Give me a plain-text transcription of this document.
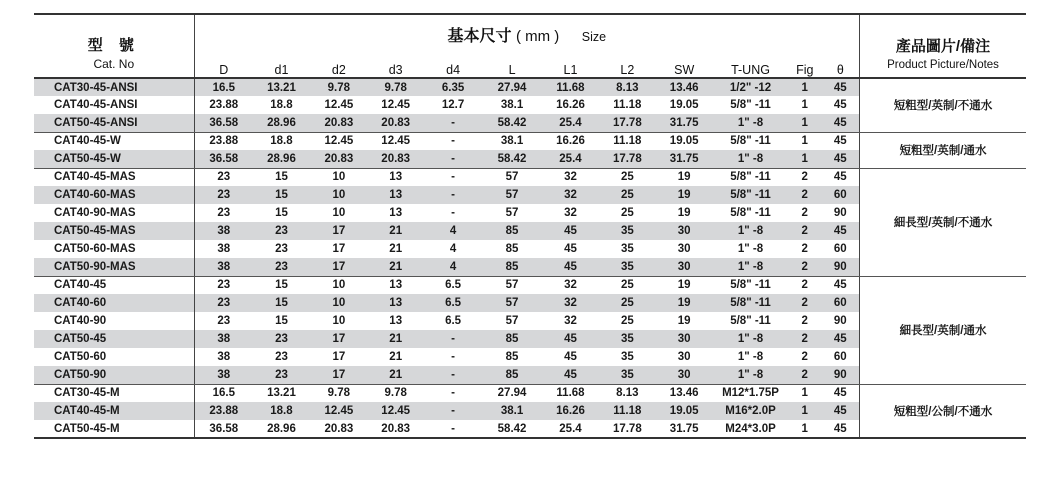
型 號
Cat. No	基本尺寸 ( mm ) Size												產品圖片/備注
Product Picture/Notes

	D	d1	d2	d3	d4	L	L1	L2	SW	T-UNG	Fig	θ	
CAT30-45-ANSI	16.5	13.21	9.78	9.78	6.35	27.94	11.68	8.13	13.46	1/2" -12	1	45	短粗型/英制/不通水
CAT40-45-ANSI	23.88	18.8	12.45	12.45	12.7	38.1	16.26	11.18	19.05	5/8" -11	1	45	
CAT50-45-ANSI	36.58	28.96	20.83	20.83	-	58.42	25.4	17.78	31.75	1" -8	1	45	
CAT40-45-W	23.88	18.8	12.45	12.45	-	38.1	16.26	11.18	19.05	5/8" -11	1	45	短粗型/英制/通水
CAT50-45-W	36.58	28.96	20.83	20.83	-	58.42	25.4	17.78	31.75	1" -8	1	45	
CAT40-45-MAS	23	15	10	13	-	57	32	25	19	5/8" -11	2	45	細長型/英制/不通水
CAT40-60-MAS	23	15	10	13	-	57	32	25	19	5/8" -11	2	60	
CAT40-90-MAS	23	15	10	13	-	57	32	25	19	5/8" -11	2	90	
CAT50-45-MAS	38	23	17	21	4	85	45	35	30	1" -8	2	45	
CAT50-60-MAS	38	23	17	21	4	85	45	35	30	1" -8	2	60	
CAT50-90-MAS	38	23	17	21	4	85	45	35	30	1" -8	2	90	
CAT40-45	23	15	10	13	6.5	57	32	25	19	5/8" -11	2	45	細長型/英制/通水
CAT40-60	23	15	10	13	6.5	57	32	25	19	5/8" -11	2	60	
CAT40-90	23	15	10	13	6.5	57	32	25	19	5/8" -11	2	90	
CAT50-45	38	23	17	21	-	85	45	35	30	1" -8	2	45	
CAT50-60	38	23	17	21	-	85	45	35	30	1" -8	2	60	
CAT50-90	38	23	17	21	-	85	45	35	30	1" -8	2	90	
CAT30-45-M	16.5	13.21	9.78	9.78	-	27.94	11.68	8.13	13.46	M12*1.75P	1	45	短粗型/公制/不通水
CAT40-45-M	23.88	18.8	12.45	12.45	-	38.1	16.26	11.18	19.05	M16*2.0P	1	45	
CAT50-45-M	36.58	28.96	20.83	20.83	-	58.42	25.4	17.78	31.75	M24*3.0P	1	45	
